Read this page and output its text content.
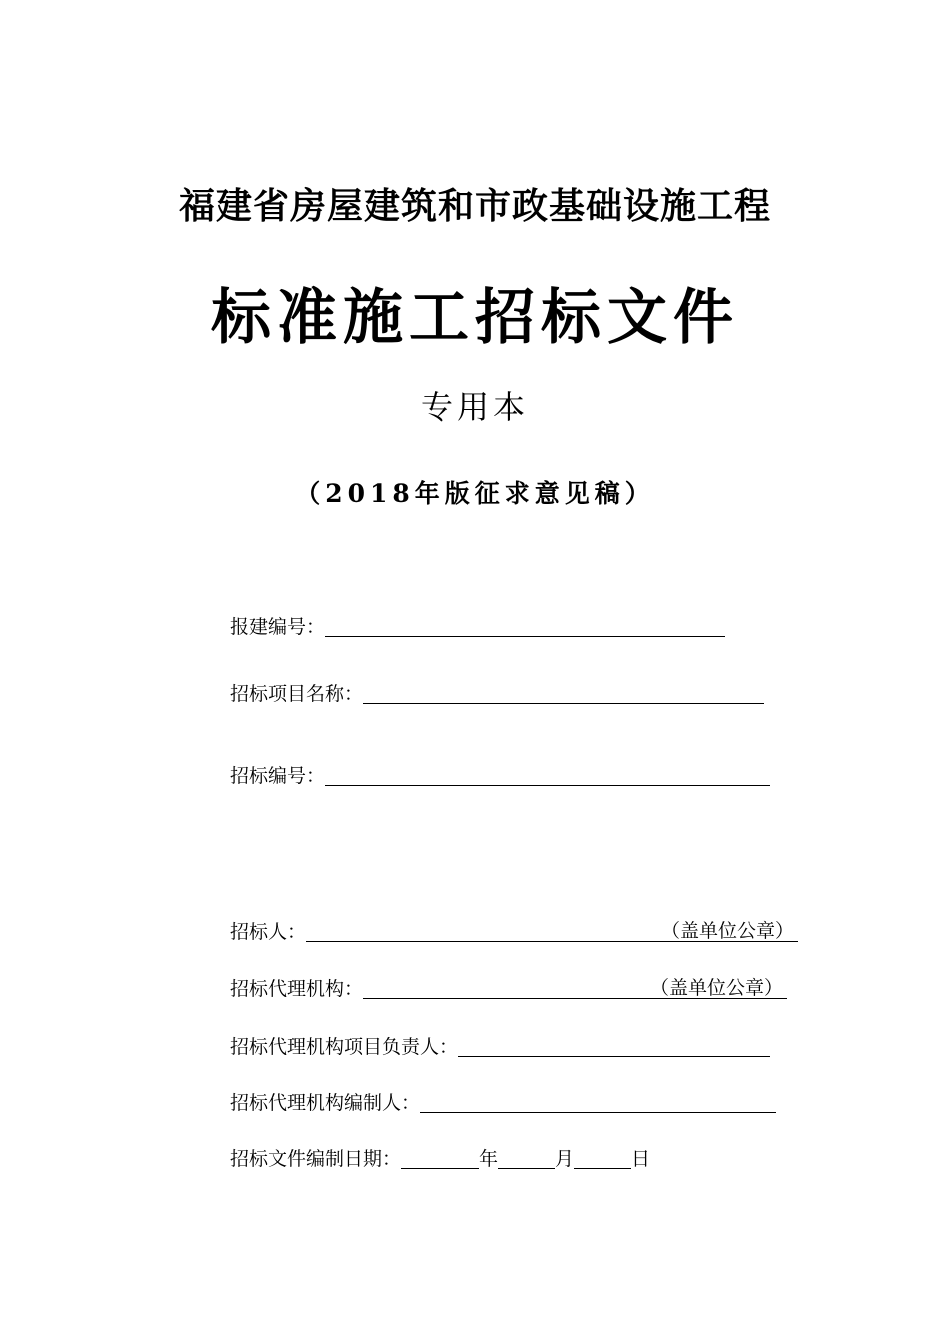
福建省房屋建筑和市政基础设施工程
标准施工招标文件
专用本
（2018年版征求意见稿）
报建编号：
招标项目名称：
招标编号：
招标人：	（盖单位公章）
招标代理机构：	（盖单位公章）
招标代理机构项目负责人：
招标代理机构编制人：
招标文件编制日期：	年	月	日
